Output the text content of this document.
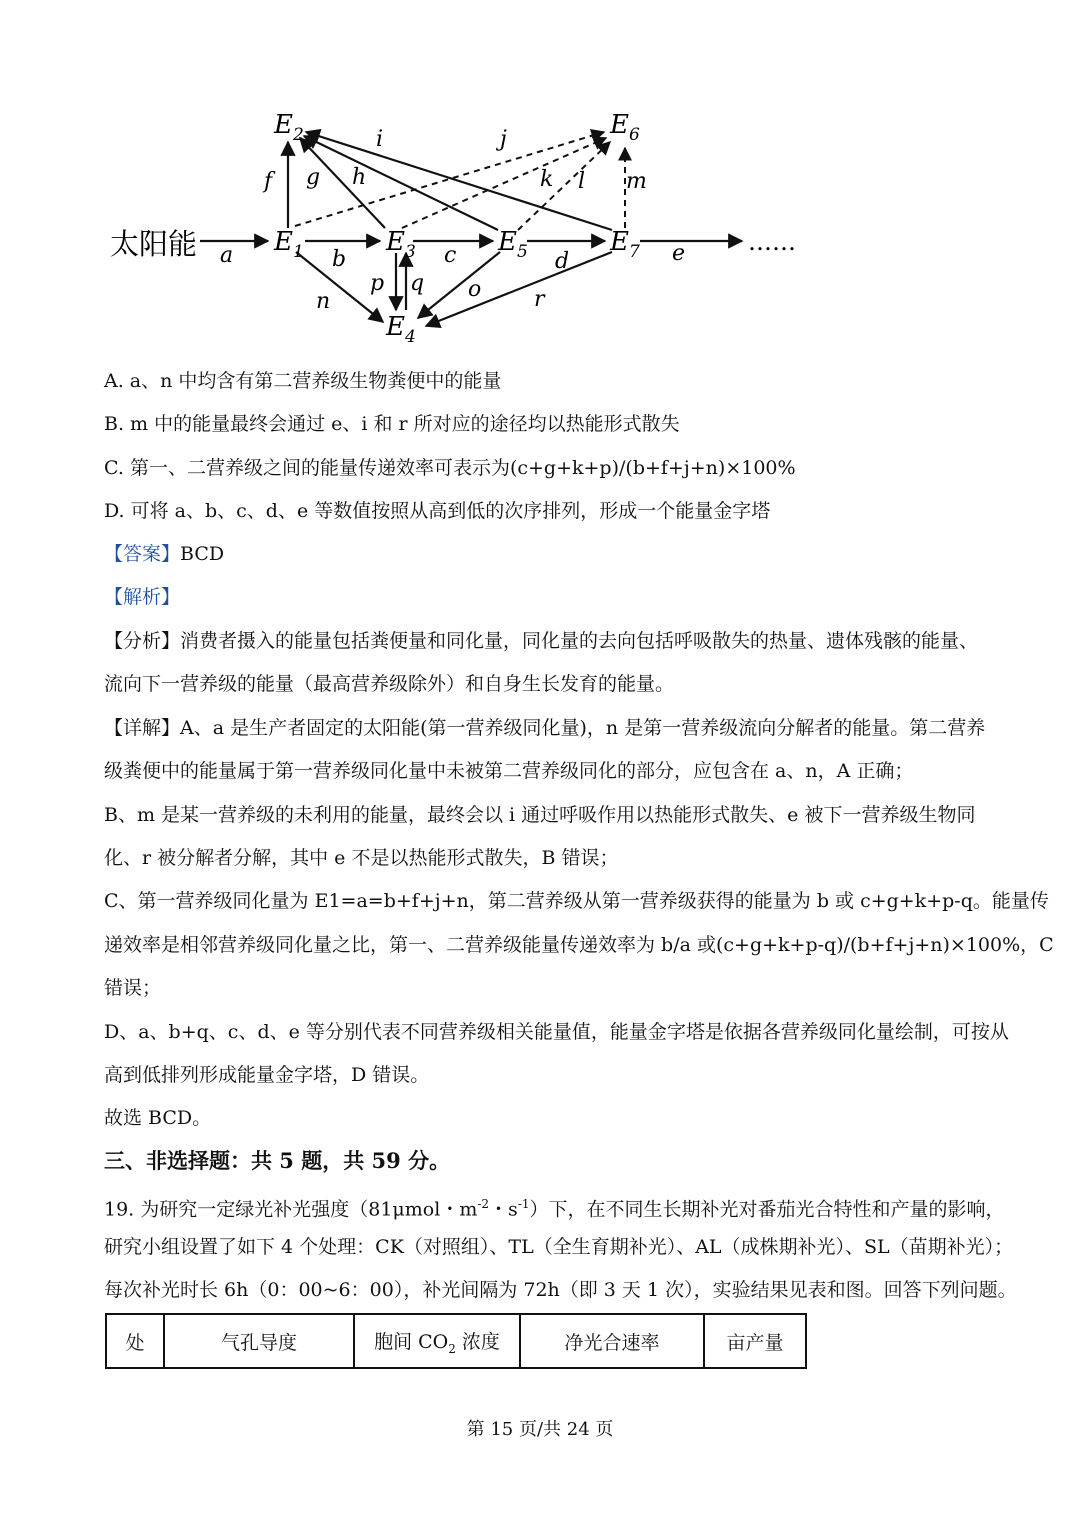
太阳能
$E_2$
$E_1$	$E_3$	$E_5$	$E_7$
$E_6$
$E_4$
a	b	c	d	e
f g h
i	j
k l m
n	o
p q
r
……
A. a、n 中均含有第二营养级生物粪便中的能量
B. m 中的能量最终会通过 e、i 和 r 所对应的途径均以热能形式散失
C. 第一、二营养级之间的能量传递效率可表示为(c+g+k+p)/(b+f+j+n)×100%
D. 可将 a、b、c、d、e 等数值按照从高到低的次序排列，形成一个能量金字塔
【答案】BCD
【解析】
【分析】消费者摄入的能量包括粪便量和同化量，同化量的去向包括呼吸散失的热量、遗体残骸的能量、
流向下一营养级的能量（最高营养级除外）和自身生长发育的能量。
【详解】A、a 是生产者固定的太阳能(第一营养级同化量)，n 是第一营养级流向分解者的能量。第二营养
级粪便中的能量属于第一营养级同化量中未被第二营养级同化的部分，应包含在 a、n，A 正确；
B、m 是某一营养级的未利用的能量，最终会以 i 通过呼吸作用以热能形式散失、e 被下一营养级生物同
化、r 被分解者分解，其中 e 不是以热能形式散失，B 错误；
C、第一营养级同化量为 E1=a=b+f+j+n，第二营养级从第一营养级获得的能量为 b 或 c+g+k+p-q。能量传
递效率是相邻营养级同化量之比，第一、二营养级能量传递效率为 b/a 或(c+g+k+p-q)/(b+f+j+n)×100%，C
错误；
D、a、b+q、c、d、e 等分别代表不同营养级相关能量值，能量金字塔是依据各营养级同化量绘制，可按从
高到低排列形成能量金字塔，D 错误。
故选 BCD。
三、非选择题：共 5 题，共 59 分。
19. 为研究一定绿光补光强度（81μmol・$m^{-2}$・$s^{-1}$）下，在不同生长期补光对番茄光合特性和产量的影响，
研究小组设置了如下 4 个处理：CK（对照组）、TL（全生育期补光）、AL（成株期补光）、SL（苗期补光）；
每次补光时长 6h（0：00~6：00），补光间隔为 72h（即 3 天 1 次），实验结果见表和图。回答下列问题。
处	气孔导度	胞间 $CO_2$ 浓度	净光合速率	亩产量
第 15 页/共 24 页
